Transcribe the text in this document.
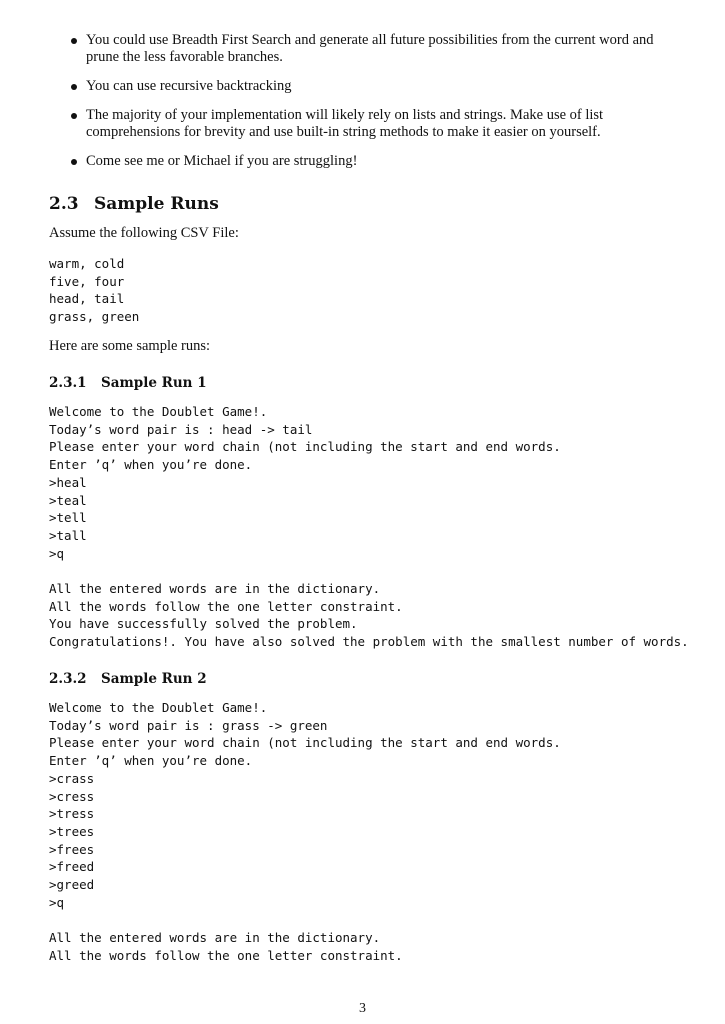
You could use Breadth First Search and generate all future possibilities from the current word and prune the less favorable branches.
You can use recursive backtracking
The majority of your implementation will likely rely on lists and strings. Make use of list comprehensions for brevity and use built-in string methods to make it easier on yourself.
Come see me or Michael if you are struggling!
2.3 Sample Runs

Assume the following CSV File:

warm, cold
five, four
head, tail
grass, green

Here are some sample runs:

2.3.1 Sample Run 1
Welcome to the Doublet Game!.
Today’s word pair is : head -> tail
Please enter your word chain (not including the start and end words.
Enter ’q’ when you’re done.
>heal
>teal
>tell
>tall
>q

All the entered words are in the dictionary.
All the words follow the one letter constraint.
You have successfully solved the problem.
Congratulations!. You have also solved the problem with the smallest number of words.
2.3.2 Sample Run 2
Welcome to the Doublet Game!.
Today’s word pair is : grass -> green
Please enter your word chain (not including the start and end words.
Enter ’q’ when you’re done.
>crass
>cress
>tress
>trees
>frees
>freed
>greed
>q

All the entered words are in the dictionary.
All the words follow the one letter constraint.
3
